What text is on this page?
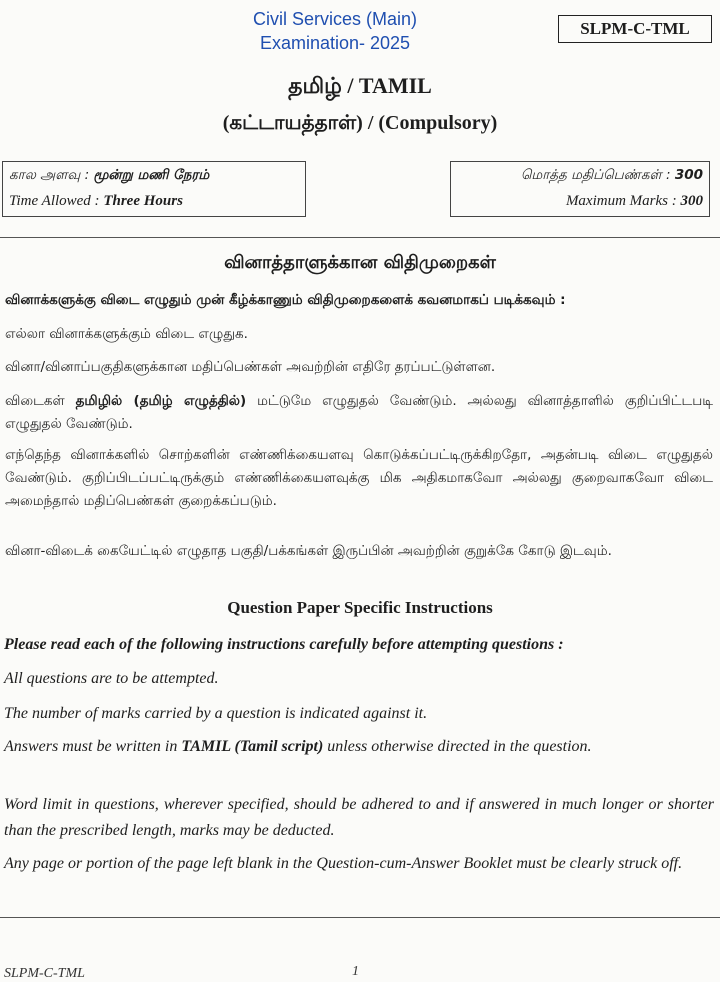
Civil Services (Main)
Examination- 2025
SLPM-C-TML
தமிழ் / TAMIL
(கட்டாயத்தாள்) / (Compulsory)
கால அளவு : மூன்று மணி நேரம்
Time Allowed : Three Hours
மொத்த மதிப்பெண்கள் : 300
Maximum Marks : 300
வினாத்தாளுக்கான விதிமுறைகள்
வினாக்களுக்கு விடை எழுதும் முன் கீழ்க்காணும் விதிமுறைகளைக் கவனமாகப் படிக்கவும் :
எல்லா வினாக்களுக்கும் விடை எழுதுக.
வினா/வினாப்பகுதிகளுக்கான மதிப்பெண்கள் அவற்றின் எதிரே தரப்பட்டுள்ளன.
விடைகள் தமிழில் (தமிழ் எழுத்தில்) மட்டுமே எழுதுதல் வேண்டும். அல்லது வினாத்தாளில் குறிப்பிட்டபடி எழுதுதல் வேண்டும்.
எந்தெந்த வினாக்களில் சொற்களின் எண்ணிக்கையளவு கொடுக்கப்பட்டிருக்கிறதோ, அதன்படி விடை எழுதுதல் வேண்டும். குறிப்பிடப்பட்டிருக்கும் எண்ணிக்கையளவுக்கு மிக அதிகமாகவோ அல்லது குறைவாகவோ விடை அமைந்தால் மதிப்பெண்கள் குறைக்கப்படும்.
வினா-விடைக் கையேட்டில் எழுதாத பகுதி/பக்கங்கள் இருப்பின் அவற்றின் குறுக்கே கோடு இடவும்.
Question Paper Specific Instructions
Please read each of the following instructions carefully before attempting questions :
All questions are to be attempted.
The number of marks carried by a question is indicated against it.
Answers must be written in TAMIL (Tamil script) unless otherwise directed in the question.
Word limit in questions, wherever specified, should be adhered to and if answered in much longer or shorter than the prescribed length, marks may be deducted.
Any page or portion of the page left blank in the Question-cum-Answer Booklet must be clearly struck off.
SLPM-C-TML	1
